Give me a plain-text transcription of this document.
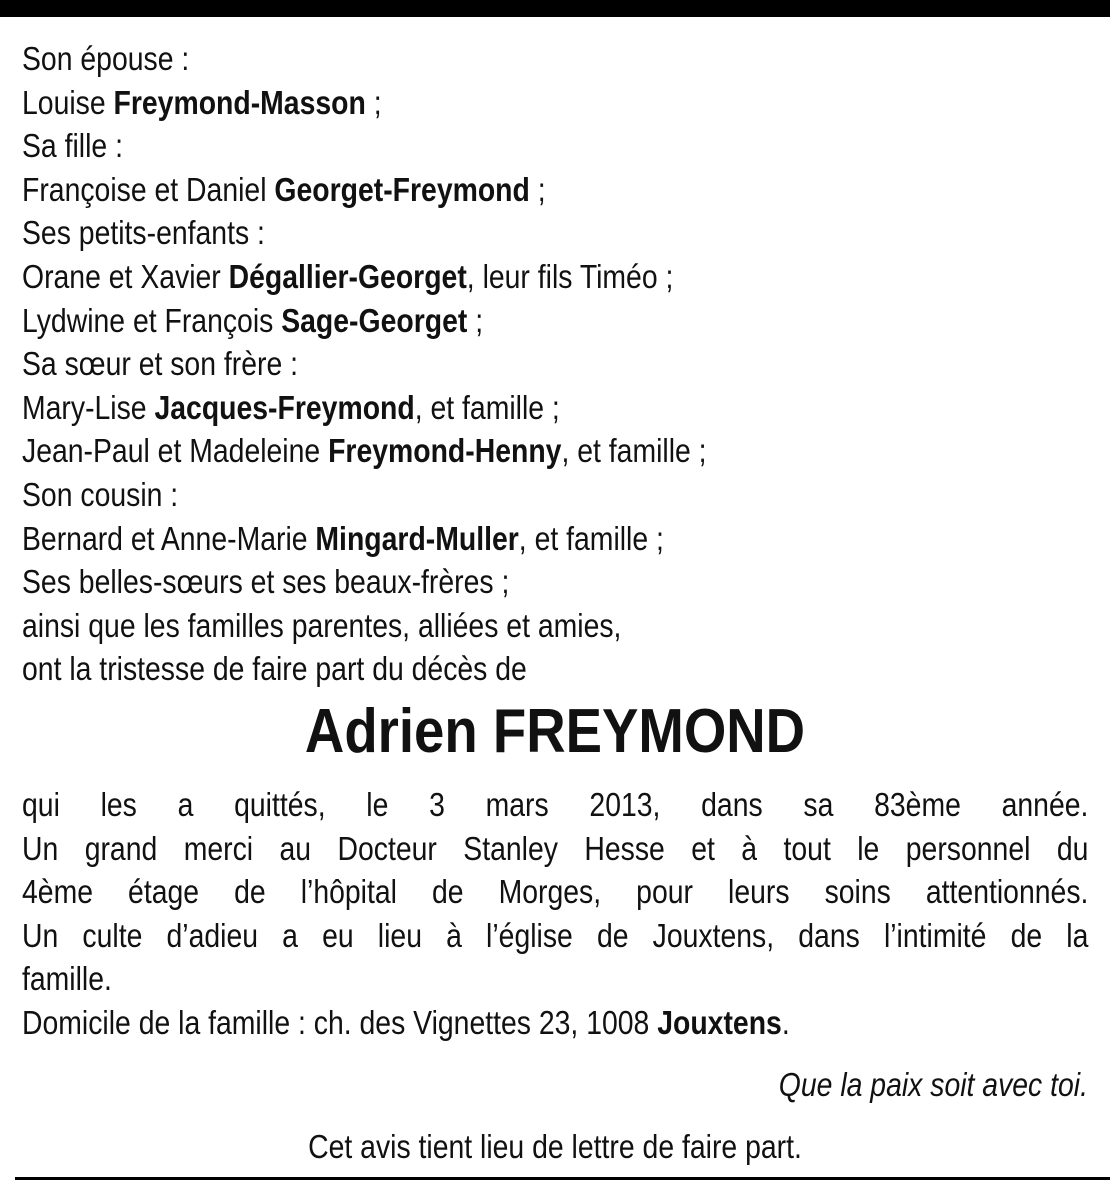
Son épouse :
Louise Freymond-Masson ;
Sa fille :
Françoise et Daniel Georget-Freymond ;
Ses petits-enfants :
Orane et Xavier Dégallier-Georget, leur fils Timéo ;
Lydwine et François Sage-Georget ;
Sa sœur et son frère :
Mary-Lise Jacques-Freymond, et famille ;
Jean-Paul et Madeleine Freymond-Henny, et famille ;
Son cousin :
Bernard et Anne-Marie Mingard-Muller, et famille ;
Ses belles-sœurs et ses beaux-frères ;
ainsi que les familles parentes, alliées et amies,
ont la tristesse de faire part du décès de
Adrien FREYMOND
qui les a quittés, le 3 mars 2013, dans sa 83ème année.
Un grand merci au Docteur Stanley Hesse et à tout le personnel du
4ème étage de l’hôpital de Morges, pour leurs soins attentionnés.
Un culte d’adieu a eu lieu à l’église de Jouxtens, dans l’intimité de la
famille.
Domicile de la famille : ch. des Vignettes 23, 1008 Jouxtens.
Que la paix soit avec toi.
Cet avis tient lieu de lettre de faire part.
